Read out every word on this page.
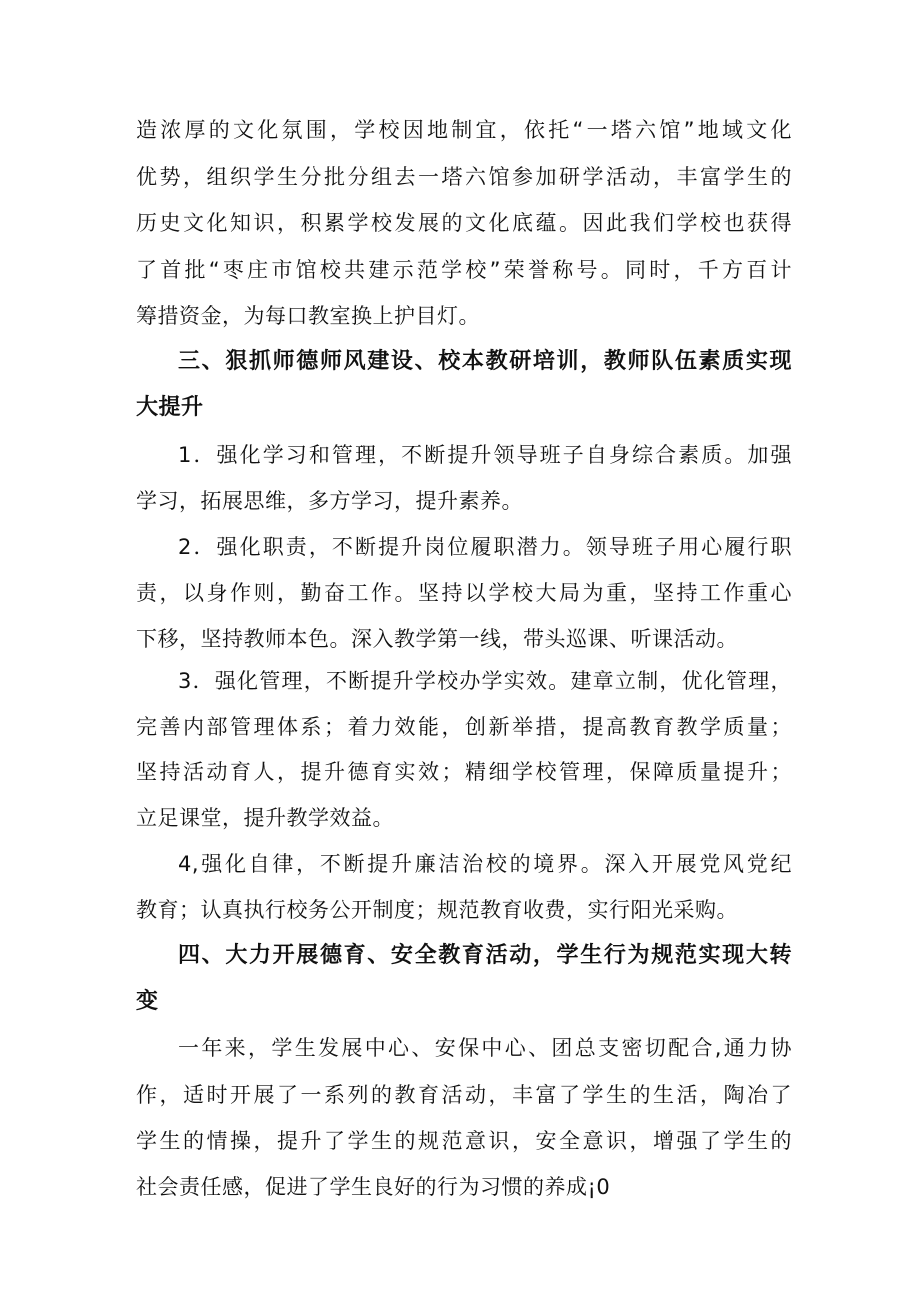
造浓厚的文化氛围，学校因地制宜，依托“一塔六馆”地域文化
优势，组织学生分批分组去一塔六馆参加研学活动，丰富学生的
历史文化知识，积累学校发展的文化底蕴。因此我们学校也获得
了首批“枣庄市馆校共建示范学校”荣誉称号。同时，千方百计
筹措资金，为每口教室换上护目灯。
三、狠抓师德师风建设、校本教研培训，教师队伍素质实现
大提升
1．强化学习和管理，不断提升领导班子自身综合素质。加强
学习，拓展思维，多方学习，提升素养。
2．强化职责，不断提升岗位履职潜力。领导班子用心履行职
责，以身作则，勤奋工作。坚持以学校大局为重，坚持工作重心
下移，坚持教师本色。深入教学第一线，带头巡课、听课活动。
3．强化管理，不断提升学校办学实效。建章立制，优化管理，
完善内部管理体系；着力效能，创新举措，提高教育教学质量；
坚持活动育人，提升德育实效；精细学校管理，保障质量提升；
立足课堂，提升教学效益。
4,强化自律，不断提升廉洁治校的境界。深入开展党风党纪
教育；认真执行校务公开制度；规范教育收费，实行阳光采购。
四、大力开展德育、安全教育活动，学生行为规范实现大转
变
一年来，学生发展中心、安保中心、团总支密切配合,通力协
作，适时开展了一系列的教育活动，丰富了学生的生活，陶冶了
学生的情操，提升了学生的规范意识，安全意识，增强了学生的
社会责任感，促进了学生良好的行为习惯的养成¡0
